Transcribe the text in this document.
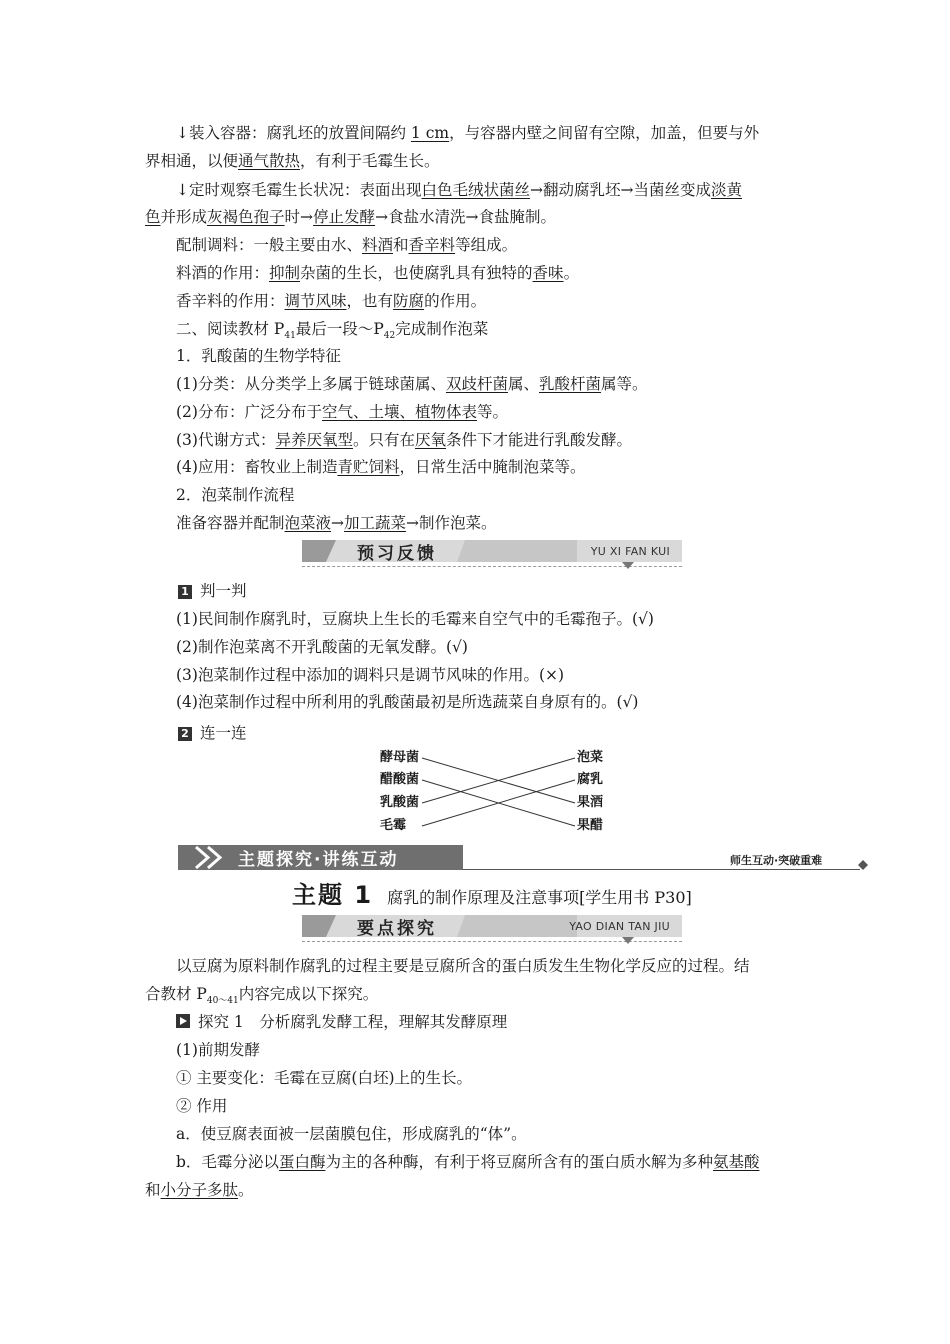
↓装入容器：腐乳坯的放置间隔约 1 cm，与容器内壁之间留有空隙，加盖，但要与外
界相通，以便通气散热，有利于毛霉生长。
↓定时观察毛霉生长状况：表面出现白色毛绒状菌丝→翻动腐乳坯→当菌丝变成淡黄
色并形成灰褐色孢子时→停止发酵→食盐水清洗→食盐腌制。
配制调料：一般主要由水、料酒和香辛料等组成。
料酒的作用：抑制杂菌的生长，也使腐乳具有独特的香味。
香辛料的作用：调节风味，也有防腐的作用。
二、阅读教材 $P_{41}$最后一段$\sim P_{42}$完成制作泡菜
1．乳酸菌的生物学特征
(1)分类：从分类学上多属于链球菌属、双歧杆菌属、乳酸杆菌属等。
(2)分布：广泛分布于空气、土壤、植物体表等。
(3)代谢方式：异养厌氧型。只有在厌氧条件下才能进行乳酸发酵。
(4)应用：畜牧业上制造青贮饲料，日常生活中腌制泡菜等。
2．泡菜制作流程
准备容器并配制泡菜液→加工蔬菜→制作泡菜。
预习反馈	YU XI FAN KUI
1 判一判
(1)民间制作腐乳时，豆腐块上生长的毛霉来自空气中的毛霉孢子。(√)
(2)制作泡菜离不开乳酸菌的无氧发酵。(√)
(3)泡菜制作过程中添加的调料只是调节风味的作用。(×)
(4)泡菜制作过程中所利用的乳酸菌最初是所选蔬菜自身原有的。(√)
2 连一连
酵母菌
醋酸菌
乳酸菌
毛霉
泡菜
腐乳
果酒
果醋
主题探究·讲练互动	师生互动·突破重难
主题 1 腐乳的制作原理及注意事项[学生用书 P30]
要点探究	YAO DIAN TAN JIU
以豆腐为原料制作腐乳的过程主要是豆腐所含的蛋白质发生生物化学反应的过程。结
合教材 $P_{40\sim 41}$内容完成以下探究。
探究 1　分析腐乳发酵工程，理解其发酵原理
(1)前期发酵
① 主要变化：毛霉在豆腐(白坯)上的生长。
② 作用
a．使豆腐表面被一层菌膜包住，形成腐乳的“体”。
b．毛霉分泌以蛋白酶为主的各种酶，有利于将豆腐所含有的蛋白质水解为多种氨基酸
和小分子多肽。
